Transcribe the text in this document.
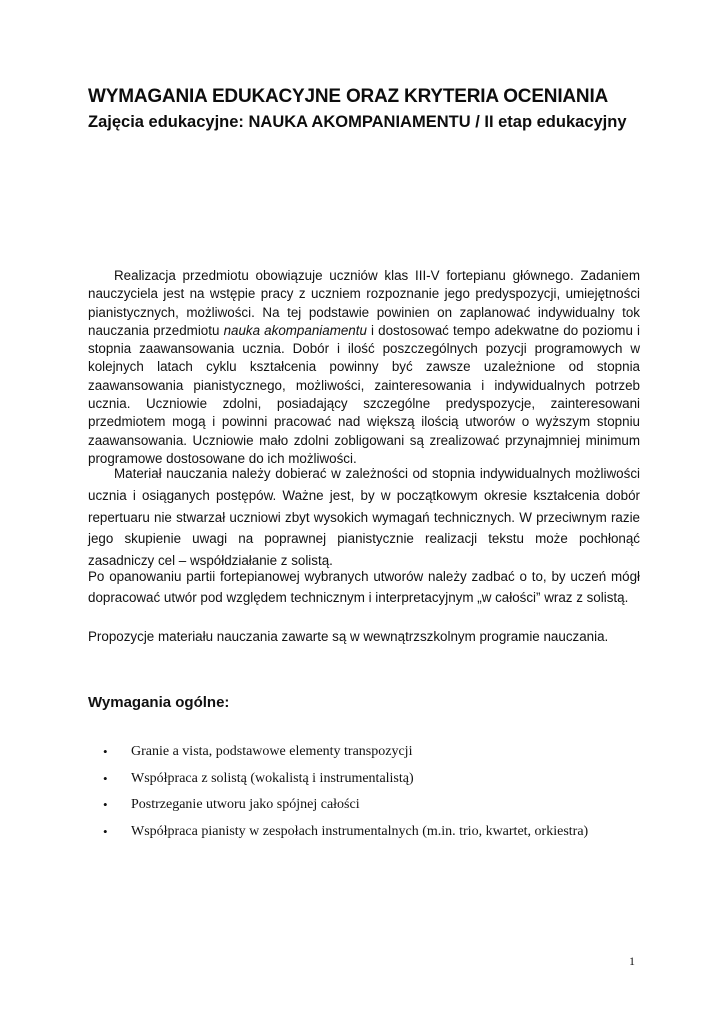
WYMAGANIA EDUKACYJNE ORAZ KRYTERIA OCENIANIA
Zajęcia edukacyjne: NAUKA AKOMPANIAMENTU / II etap edukacyjny

Realizacja przedmiotu obowiązuje uczniów klas III-V fortepianu głównego. Zadaniem nauczyciela jest na wstępie pracy z uczniem rozpoznanie jego predyspozycji, umiejętności pianistycznych, możliwości. Na tej podstawie powinien on zaplanować indywidualny tok nauczania przedmiotu nauka akompaniamentu i dostosować tempo adekwatne do poziomu i stopnia zaawansowania ucznia. Dobór i ilość poszczególnych pozycji programowych w kolejnych latach cyklu kształcenia powinny być zawsze uzależnione od stopnia zaawansowania pianistycznego, możliwości, zainteresowania i indywidualnych potrzeb ucznia. Uczniowie zdolni, posiadający szczególne predyspozycje, zainteresowani przedmiotem mogą i powinni pracować nad większą ilością utworów o wyższym stopniu zaawansowania. Uczniowie mało zdolni zobligowani są zrealizować przynajmniej minimum programowe dostosowane do ich możliwości.

Materiał nauczania należy dobierać w zależności od stopnia indywidualnych możliwości ucznia i osiąganych postępów. Ważne jest, by w początkowym okresie kształcenia dobór repertuaru nie stwarzał uczniowi zbyt wysokich wymagań technicznych. W przeciwnym razie jego skupienie uwagi na poprawnej pianistycznie realizacji tekstu może pochłonąć zasadniczy cel – współdziałanie z solistą.

Po opanowaniu partii fortepianowej wybranych utworów należy zadbać o to, by uczeń mógł dopracować utwór pod względem technicznym i interpretacyjnym „w całości” wraz z solistą.

Propozycje materiału nauczania zawarte są w wewnątrzszkolnym programie nauczania.

Wymagania ogólne:
•	Granie a vista, podstawowe elementy transpozycji
•	Współpraca z solistą (wokalistą i instrumentalistą)
•	Postrzeganie utworu jako spójnej całości
•	Współpraca pianisty w zespołach instrumentalnych (m.in. trio, kwartet, orkiestra)
1
